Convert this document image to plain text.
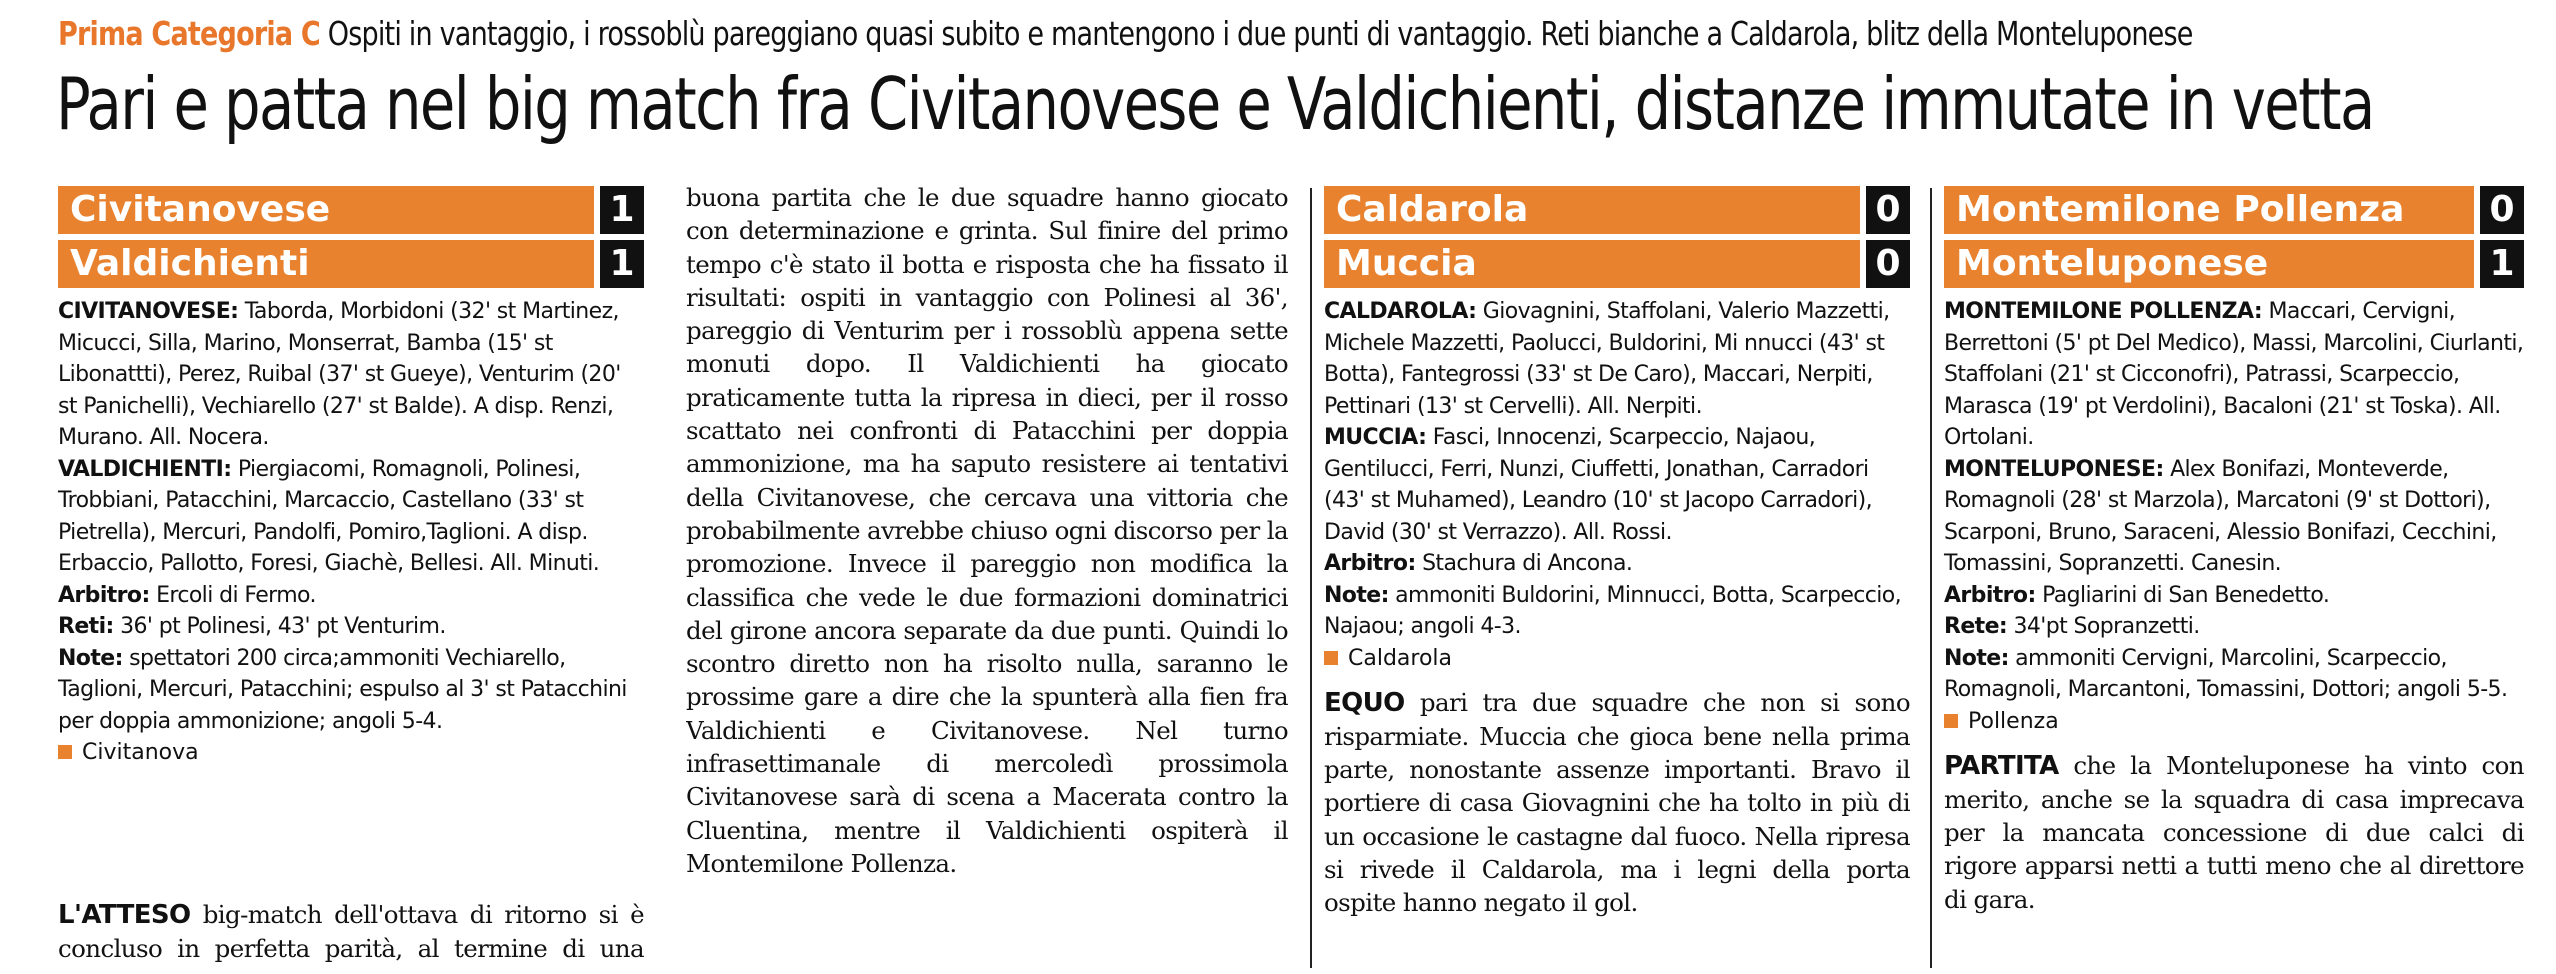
Prima Categoria C Ospiti in vantaggio, i rossoblù pareggiano quasi subito e mantengono i due punti di vantaggio. Reti bianche a Caldarola, blitz della Monteluponese
Pari e patta nel big match fra Civitanovese e Valdichienti, distanze immutate in vetta
Civitanovese	1
Valdichienti	1

CIVITANOVESE: Taborda, Morbidoni (32' st Martinez, Micucci, Silla, Marino, Monserrat, Bamba (15' st Libonattti), Perez, Ruibal (37' st Gueye), Venturim (20' st Panichelli), Vechiarello (27' st Balde). A disp. Renzi, Murano. All. Nocera.

VALDICHIENTI: Piergiacomi, Romagnoli, Polinesi, Trobbiani, Patacchini, Marcaccio, Castellano (33' st Pietrella), Mercuri, Pandolfi, Pomiro,Taglioni. A disp. Erbaccio, Pallotto, Foresi, Giachè, Bellesi. All. Minuti.

Arbitro: Ercoli di Fermo.

Reti: 36' pt Polinesi, 43' pt Venturim.

Note: spettatori 200 circa;ammoniti Vechiarello, Taglioni, Mercuri, Patacchini; espulso al 3' st Patacchini per doppia ammonizione; angoli 5-4.

Civitanova

L'ATTESO big-match dell'ottava di ritorno si è concluso in perfetta parità, al termine di una

buona partita che le due squadre hanno giocato con determinazione e grinta. Sul finire del primo tempo c'è stato il botta e risposta che ha fissato il risultati: ospiti in vantaggio con Polinesi al 36', pareggio di Venturim per i rossoblù appena sette monuti dopo. Il Valdichienti ha giocato praticamente tutta la ripresa in dieci, per il rosso scattato nei confronti di Patacchini per doppia ammonizione, ma ha saputo resistere ai tentativi della Civitanovese, che cercava una vittoria che probabilmente avrebbe chiuso ogni discorso per la promozione. Invece il pareggio non modifica la classifica che vede le due formazioni dominatrici del girone ancora separate da due punti. Quindi lo scontro diretto non ha risolto nulla, saranno le prossime gare a dire che la spunterà alla fien fra Valdichienti e Civitanovese. Nel turno infrasettimanale di mercoledì prossimola Civitanovese sarà di scena a Macerata contro la Cluentina, mentre il Valdichienti ospiterà il Montemilone Pollenza.

Caldarola	0
Muccia	0

CALDAROLA: Giovagnini, Staffolani, Valerio Mazzetti, Michele Mazzetti, Paolucci, Buldorini, Mi nnucci (43' st Botta), Fantegrossi (33' st De Caro), Maccari, Nerpiti, Pettinari (13' st Cervelli). All. Nerpiti.

MUCCIA: Fasci, Innocenzi, Scarpeccio, Najaou, Gentilucci, Ferri, Nunzi, Ciuffetti, Jonathan, Carradori (43' st Muhamed), Leandro (10' st Jacopo Carradori), David (30' st Verrazzo). All. Rossi.

Arbitro: Stachura di Ancona.

Note: ammoniti Buldorini, Minnucci, Botta, Scarpeccio, Najaou; angoli 4-3.

Caldarola

EQUO pari tra due squadre che non si sono risparmiate. Muccia che gioca bene nella prima parte, nonostante assenze importanti. Bravo il portiere di casa Giovagnini che ha tolto in più di un occasione le castagne dal fuoco. Nella ripresa si rivede il Caldarola, ma i legni della porta ospite hanno negato il gol.

Montemilone Pollenza	0
Monteluponese	1

MONTEMILONE POLLENZA: Maccari, Cervigni, Berrettoni (5' pt Del Medico), Massi, Marcolini, Ciurlanti, Staffolani (21' st Cicconofri), Patrassi, Scarpeccio, Marasca (19' pt Verdolini), Bacaloni (21' st Toska). All. Ortolani.

MONTELUPONESE: Alex Bonifazi, Monteverde, Romagnoli (28' st Marzola), Marcatoni (9' st Dottori), Scarponi, Bruno, Saraceni, Alessio Bonifazi, Cecchini, Tomassini, Sopranzetti. Canesin.

Arbitro: Pagliarini di San Benedetto.

Rete: 34'pt Sopranzetti.

Note: ammoniti Cervigni, Marcolini, Scarpeccio, Romagnoli, Marcantoni, Tomassini, Dottori; angoli 5-5.

Pollenza

PARTITA che la Monteluponese ha vinto con merito, anche se la squadra di casa imprecava per la mancata concessione di due calci di rigore apparsi netti a tutti meno che al direttore di gara.
